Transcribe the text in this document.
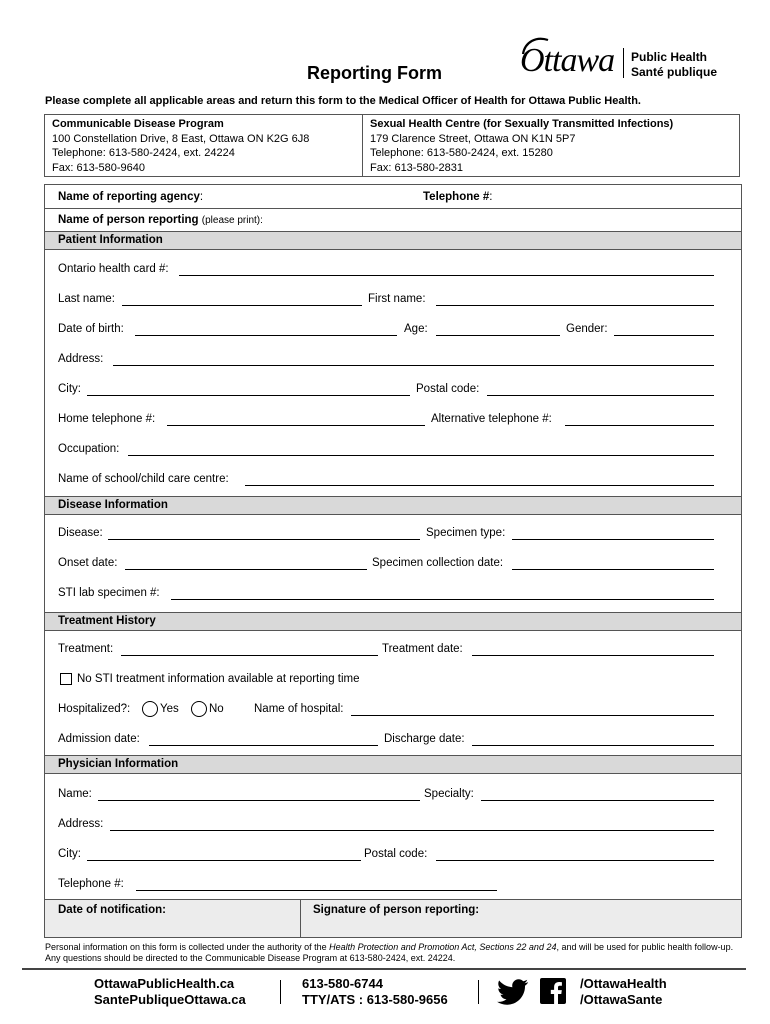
Reporting Form Ottawa Public Health
Santé publique
Please complete all applicable areas and return this form to the Medical Officer of Health for Ottawa Public Health.
Communicable Disease Program
100 Constellation Drive, 8 East, Ottawa ON K2G 6J8
Telephone: 613-580-2424, ext. 24224
Fax: 613-580-9640
Sexual Health Centre (for Sexually Transmitted Infections)
179 Clarence Street, Ottawa ON K1N 5P7
Telephone: 613-580-2424, ext. 15280
Fax: 613-580-2831
Name of reporting agency:	Telephone #:
Name of person reporting (please print):
Patient Information
Ontario health card #:
Last name:	First name:
Date of birth:	Age:	Gender:
Address:
City:	Postal code:
Home telephone #:	Alternative telephone #:
Occupation:
Name of school/child care centre:
Disease Information
Disease:	Specimen type:
Onset date:	Specimen collection date:
STI lab specimen #:
Treatment History
Treatment:	Treatment date:
No STI treatment information available at reporting time
Hospitalized?:	Yes	No	Name of hospital:
Admission date:	Discharge date:
Physician Information
Name:	Specialty:
Address:
City:	Postal code:
Telephone #:
Date of notification:	Signature of person reporting:
Personal information on this form is collected under the authority of the Health Protection and Promotion Act, Sections 22 and 24, and will be used for public health follow-up. Any questions should be directed to the Communicable Disease Program at 613-580-2424, ext. 24224.
OttawaPublicHealth.ca
SantePubliqueOttawa.ca
613-580-6744
TTY/ATS : 613-580-9656
/OttawaHealth
/OttawaSante
